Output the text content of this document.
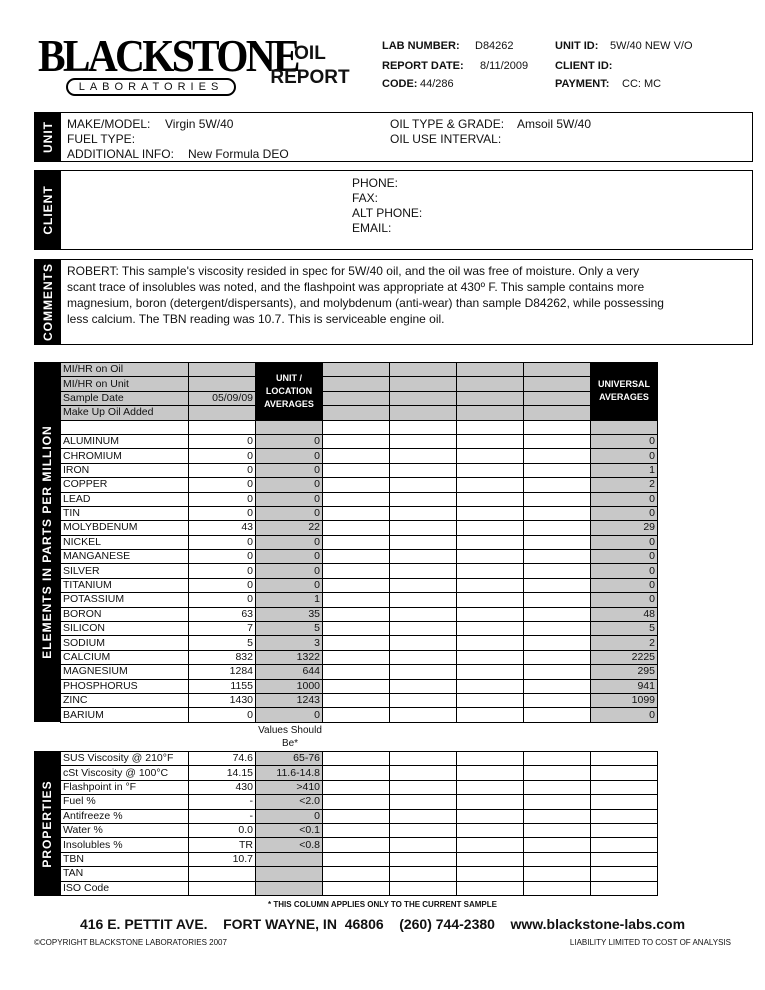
BLACKSTONE
LABORATORIES
OIL
REPORT
LAB NUMBER: D84262
REPORT DATE: 8/11/2009
CODE: 44/286
UNIT ID: 5W/40 NEW V/O
CLIENT ID:
PAYMENT: CC: MC
UNIT MAKE/MODEL: Virgin 5W/40
FUEL TYPE:
ADDITIONAL INFO: New Formula DEO
OIL TYPE & GRADE: Amsoil 5W/40
OIL USE INTERVAL:
CLIENT
PHONE:
FAX:
ALT PHONE:
EMAIL:
COMMENTS ROBERT: This sample's viscosity resided in spec for 5W/40 oil, and the oil was free of moisture. Only a very scant trace of insolubles was noted, and the flashpoint was appropriate at 430º F. This sample contains more magnesium, boron (detergent/dispersants), and molybdenum (anti-wear) than sample D84262, while possessing less calcium. The TBN reading was 10.7. This is serviceable engine oil.
ELEMENTS IN PARTS PER MILLION
MI/HR on Oil		UNIT / LOCATION AVERAGES					UNIVERSAL AVERAGES
MI/HR on Unit							
Sample Date	05/09/09						
Make Up Oil Added							

ALUMINUM	0	0					0
CHROMIUM	0	0					0
IRON	0	0					1
COPPER	0	0					2
LEAD	0	0					0
TIN	0	0					0
MOLYBDENUM	43	22					29
NICKEL	0	0					0
MANGANESE	0	0					0
SILVER	0	0					0
TITANIUM	0	0					0
POTASSIUM	0	1					0
BORON	63	35					48
SILICON	7	5					5
SODIUM	5	3					2
CALCIUM	832	1322					2225
MAGNESIUM	1284	644					295
PHOSPHORUS	1155	1000					941
ZINC	1430	1243					1099
BARIUM	0	0					0
Values Should Be*
PROPERTIES
SUS Viscosity @ 210°F	74.6	65-76					
cSt Viscosity @ 100°C	14.15	11.6-14.8					
Flashpoint in °F	430	>410					
Fuel %	-	<2.0					
Antifreeze %	-	0					
Water %	0.0	<0.1					
Insolubles %	TR	<0.8					
TBN	10.7						
TAN							
ISO Code							
* THIS COLUMN APPLIES ONLY TO THE CURRENT SAMPLE
416 E. PETTIT AVE.    FORT WAYNE, IN  46806    (260) 744-2380    www.blackstone-labs.com
©COPYRIGHT BLACKSTONE LABORATORIES 2007	LIABILITY LIMITED TO COST OF ANALYSIS
